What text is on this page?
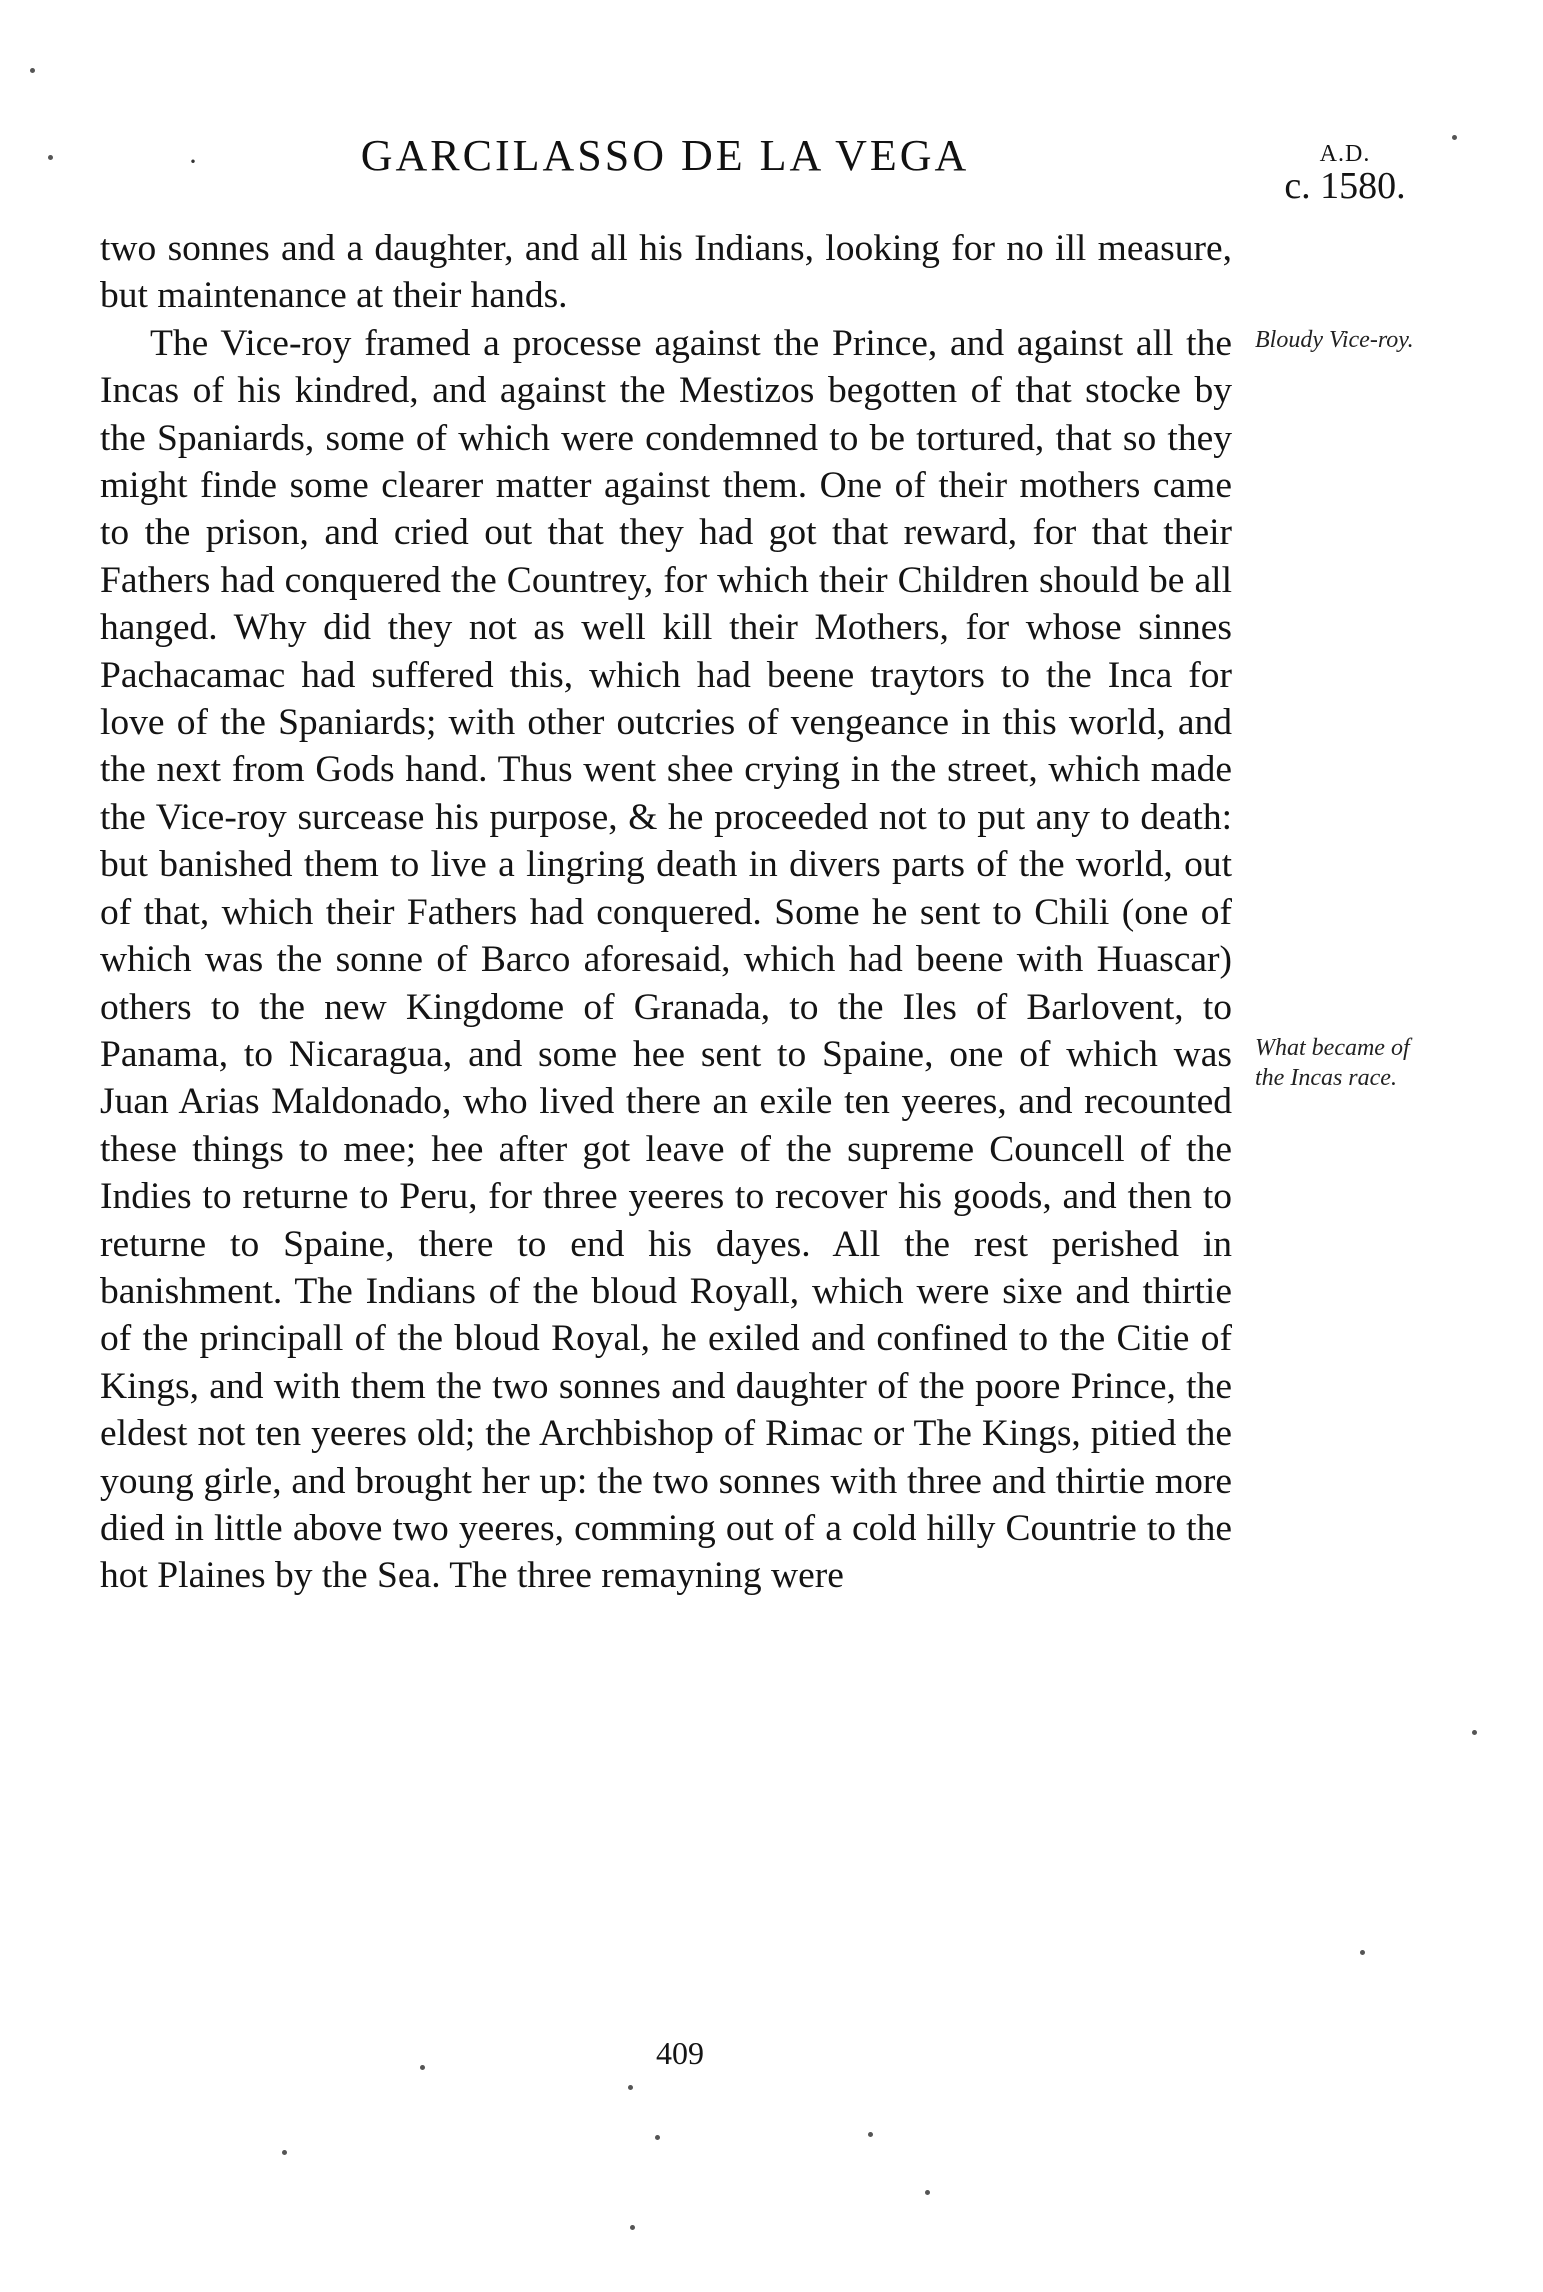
·	GARCILASSO DE LA VEGA	A.D.
c. 1580.

two sonnes and a daughter, and all his Indians, looking for no ill measure, but maintenance at their hands.

The Vice-roy framed a processe against the Prince, and against all the Incas of his kindred, and against the Mestizos begotten of that stocke by the Spaniards, some of which were condemned to be tortured, that so they might finde some clearer matter against them. One of their mothers came to the prison, and cried out that they had got that reward, for that their Fathers had conquered the Countrey, for which their Children should be all hanged. Why did they not as well kill their Mothers, for whose sinnes Pachacamac had suffered this, which had beene traytors to the Inca for love of the Spaniards; with other outcries of vengeance in this world, and the next from Gods hand. Thus went shee crying in the street, which made the Vice-roy surcease his purpose, & he proceeded not to put any to death: but banished them to live a lingring death in divers parts of the world, out of that, which their Fathers had conquered. Some he sent to Chili (one of which was the sonne of Barco aforesaid, which had beene with Huascar) others to the new Kingdome of Granada, to the Iles of Barlovent, to Panama, to Nicaragua, and some hee sent to Spaine, one of which was Juan Arias Maldonado, who lived there an exile ten yeeres, and recounted these things to mee; hee after got leave of the supreme Councell of the Indies to returne to Peru, for three yeeres to recover his goods, and then to returne to Spaine, there to end his dayes. All the rest perished in banishment. The Indians of the bloud Royall, which were sixe and thirtie of the principall of the bloud Royal, he exiled and confined to the Citie of Kings, and with them the two sonnes and daughter of the poore Prince, the eldest not ten yeeres old; the Archbishop of Rimac or The Kings, pitied the young girle, and brought her up: the two sonnes with three and thirtie more died in little above two yeeres, comming out of a cold hilly Countrie to the hot Plaines by the Sea. The three remayning were

Bloudy Vice-roy.
What became of the Incas race.
409
